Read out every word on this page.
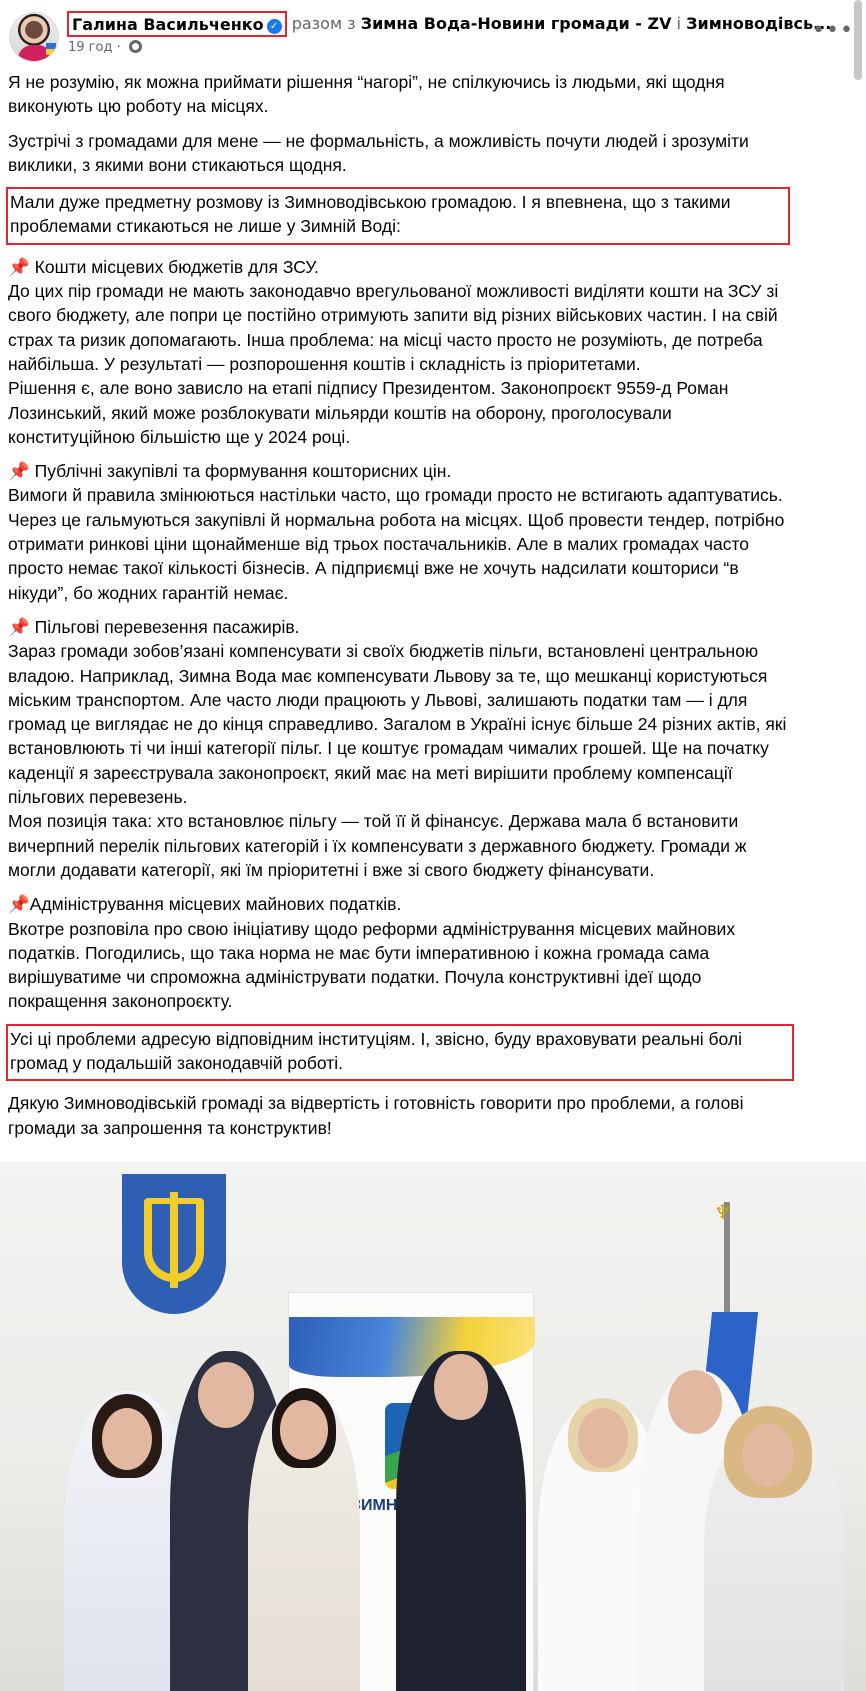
Галина Васильченко ✓ разом з Зимна Вода-Новини громади - ZV і Зимноводівсь...
19 год ·
•••
Я не розумію, як можна приймати рішення “нагорі”, не спілкуючись із людьми, які щодня
виконують цю роботу на місцях.
Зустрічі з громадами для мене — не формальність, а можливість почути людей і зрозуміти
виклики, з якими вони стикаються щодня.
Мали дуже предметну розмову із Зимноводівською громадою. І я впевнена, що з такими
проблемами стикаються не лише у Зимній Воді:
📌 Кошти місцевих бюджетів для ЗСУ.
До цих пір громади не мають законодавчо врегульованої можливості виділяти кошти на ЗСУ зі
свого бюджету, але попри це постійно отримують запити від різних військових частин. І на свій
страх та ризик допомагають. Інша проблема: на місці часто просто не розуміють, де потреба
найбільша. У результаті — розпорошення коштів і складність із пріоритетами.
Рішення є, але воно зависло на етапі підпису Президентом. Законопроєкт 9559-д Роман
Лозинський, який може розблокувати мільярди коштів на оборону, проголосували
конституційною більшістю ще у 2024 році.
📌 Публічні закупівлі та формування кошторисних цін.
Вимоги й правила змінюються настільки часто, що громади просто не встигають адаптуватись.
Через це гальмуються закупівлі й нормальна робота на місцях. Щоб провести тендер, потрібно
отримати ринкові ціни щонайменше від трьох постачальників. Але в малих громадах часто
просто немає такої кількості бізнесів. А підприємці вже не хочуть надсилати кошториси “в
нікуди”, бо жодних гарантій немає.
📌 Пільгові перевезення пасажирів.
Зараз громади зобов’язані компенсувати зі своїх бюджетів пільги, встановлені центральною
владою. Наприклад, Зимна Вода має компенсувати Львову за те, що мешканці користуються
міським транспортом. Але часто люди працюють у Львові, залишають податки там — і для
громад це виглядає не до кінця справедливо. Загалом в Україні існує більше 24 різних актів, які
встановлюють ті чи інші категорії пільг. І це коштує громадам чималих грошей. Ще на початку
каденції я зареєструвала законопроєкт, який має на меті вирішити проблему компенсації
пільгових перевезень.
Моя позиція така: хто встановлює пільгу — той її й фінансує. Держава мала б встановити
вичерпний перелік пільгових категорій і їх компенсувати з державного бюджету. Громади ж
могли додавати категорії, які їм пріоритетні і вже зі свого бюджету фінансувати.
📌Адміністрування місцевих майнових податків.
Вкотре розповіла про свою ініціативу щодо реформи адміністрування місцевих майнових
податків. Погодились, що така норма не має бути імперативною і кожна громада сама
вирішуватиме чи спроможна адмініструвати податки. Почула конструктивні ідеї щодо
покращення законопроєкту.
Усі ці проблеми адресую відповідним інституціям. І, звісно, буду враховувати реальні болі
громад у подальшій законодавчій роботі.
Дякую Зимноводівській громаді за відвертість і готовність говорити про проблеми, а голові
громади за запрошення та конструктив!
♆
